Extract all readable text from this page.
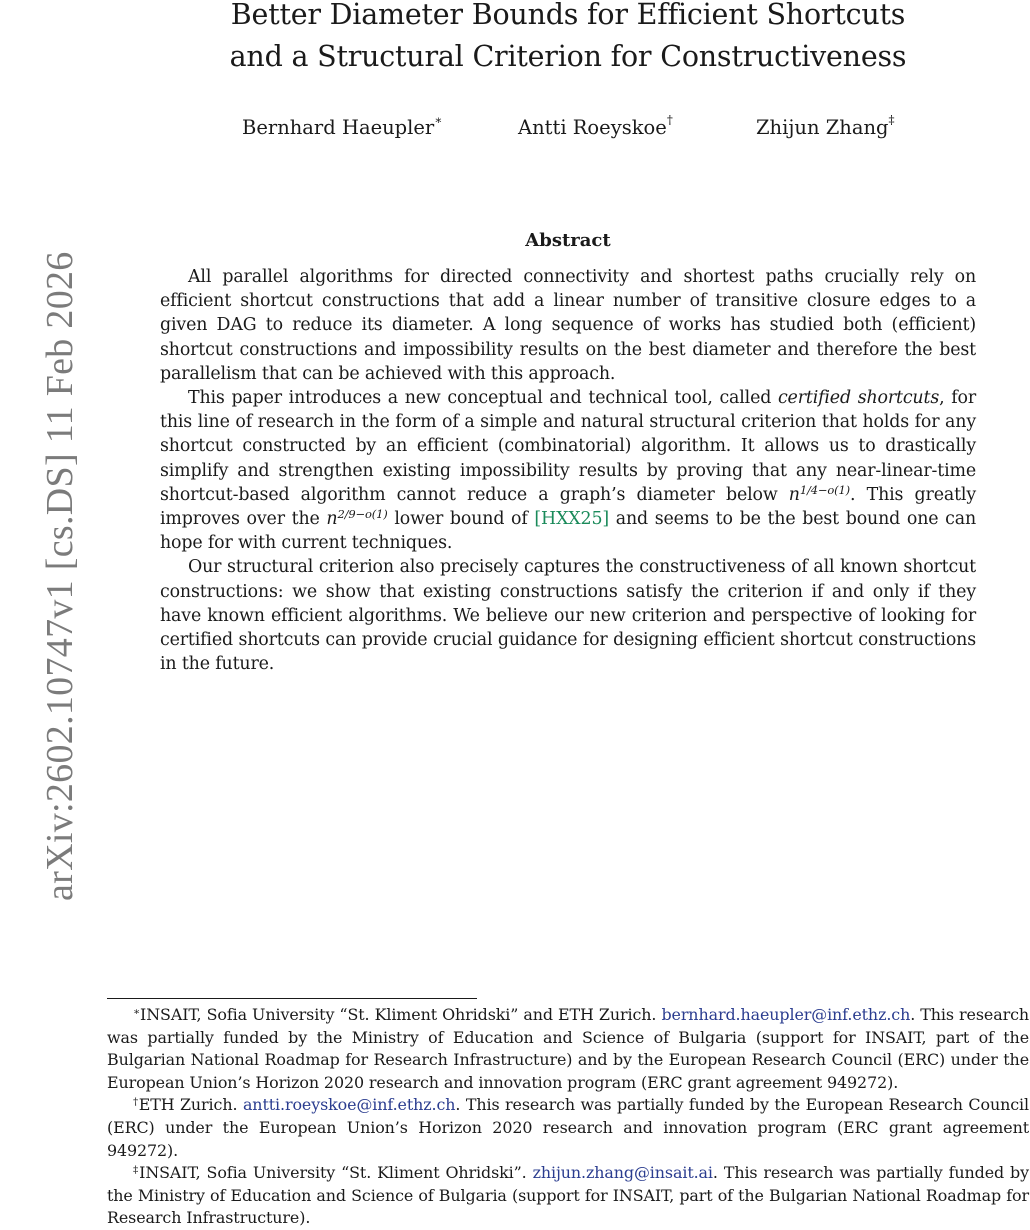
arXiv:2602.10747v1 [cs.DS] 11 Feb 2026
Better Diameter Bounds for Efficient Shortcuts
and a Structural Criterion for Constructiveness
Bernhard Haeupler∗	Antti Roeyskoe†	Zhijun Zhang‡
Abstract

All parallel algorithms for directed connectivity and shortest paths crucially rely on efficient shortcut constructions that add a linear number of transitive closure edges to a given DAG to reduce its diameter. A long sequence of works has studied both (efficient) shortcut constructions and impossibility results on the best diameter and therefore the best parallelism that can be achieved with this approach.

This paper introduces a new conceptual and technical tool, called certified shortcuts, for this line of research in the form of a simple and natural structural criterion that holds for any shortcut constructed by an efficient (combinatorial) algorithm. It allows us to drastically simplify and strengthen existing impossibility results by proving that any near-linear-time shortcut-based algorithm cannot reduce a graph’s diameter below $n^{1/4-o(1)}$. This greatly improves over the $n^{2/9-o(1)}$ lower bound of [HXX25] and seems to be the best bound one can hope for with current techniques.

Our structural criterion also precisely captures the constructiveness of all known shortcut constructions: we show that existing constructions satisfy the criterion if and only if they have known efficient algorithms. We believe our new criterion and perspective of looking for certified shortcuts can provide crucial guidance for designing efficient shortcut constructions in the future.

∗INSAIT, Sofia University “St. Kliment Ohridski” and ETH Zurich. bernhard.haeupler@inf.ethz.ch. This research was partially funded by the Ministry of Education and Science of Bulgaria (support for INSAIT, part of the Bulgarian National Roadmap for Research Infrastructure) and by the European Research Council (ERC) under the European Union’s Horizon 2020 research and innovation program (ERC grant agreement 949272).

†ETH Zurich. antti.roeyskoe@inf.ethz.ch. This research was partially funded by the European Research Council (ERC) under the European Union’s Horizon 2020 research and innovation program (ERC grant agreement 949272).

‡INSAIT, Sofia University “St. Kliment Ohridski”. zhijun.zhang@insait.ai. This research was partially funded by the Ministry of Education and Science of Bulgaria (support for INSAIT, part of the Bulgarian National Roadmap for Research Infrastructure).
